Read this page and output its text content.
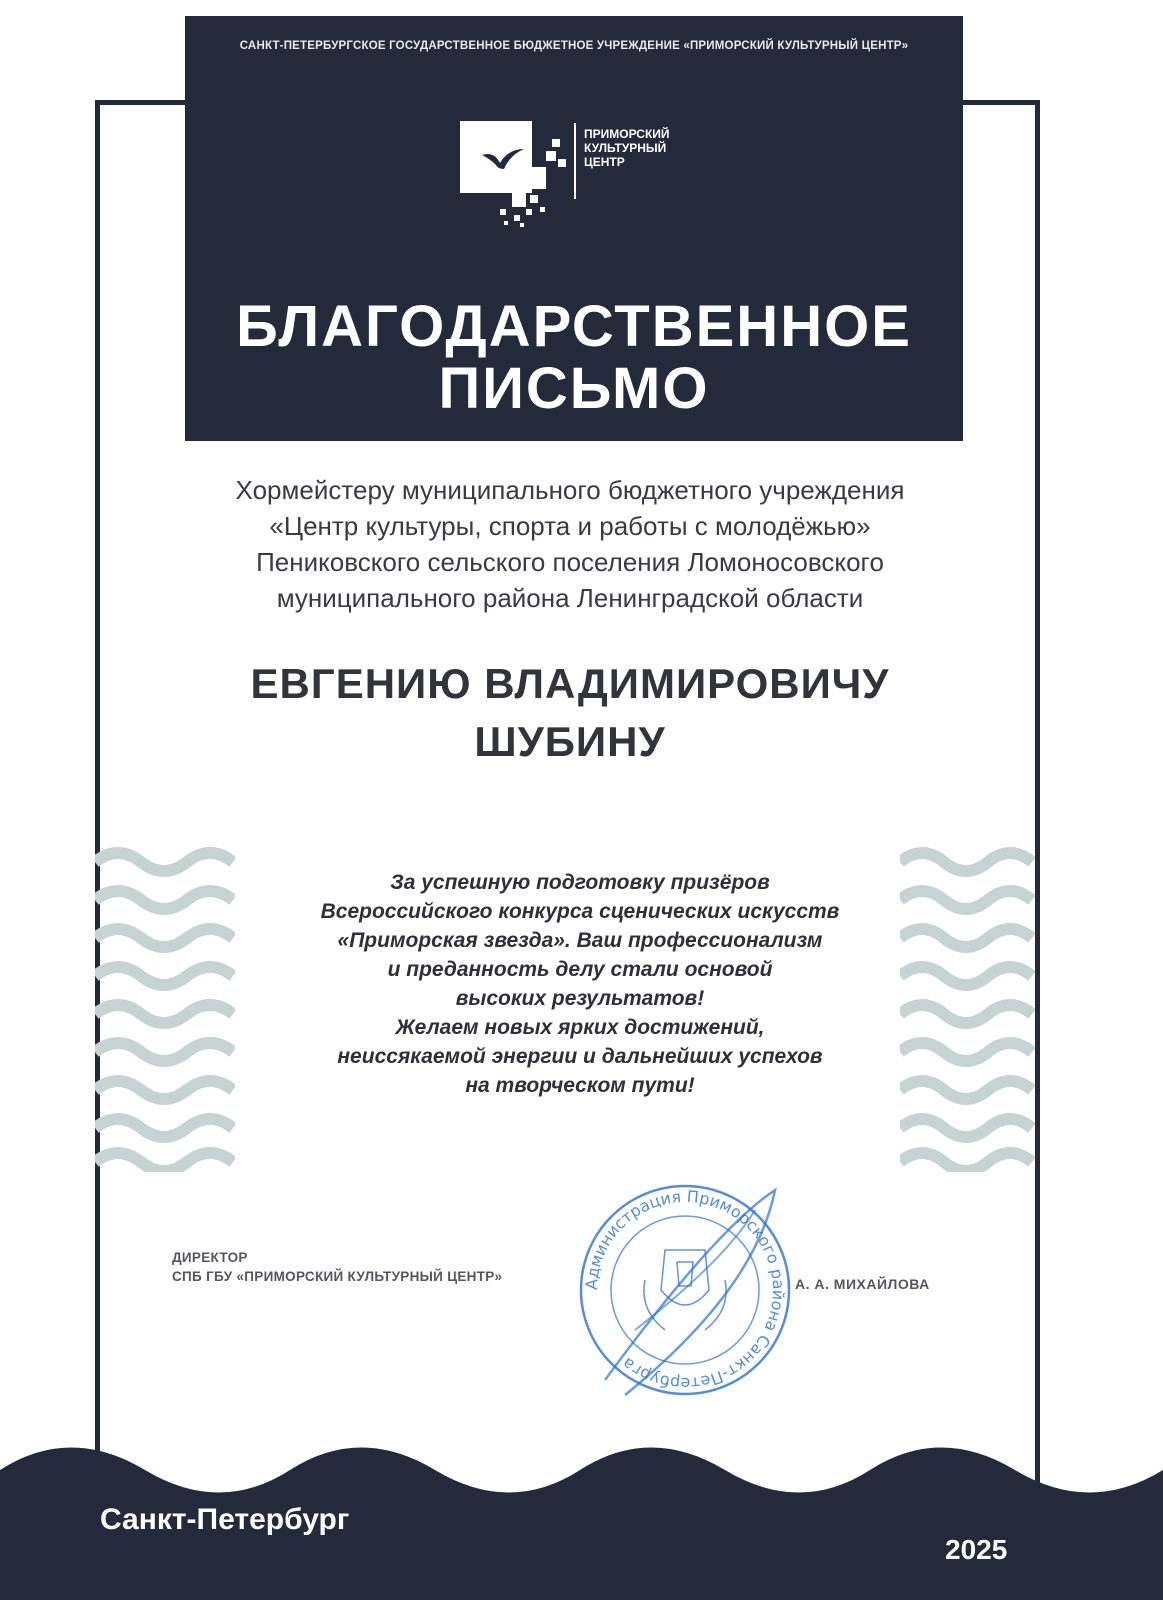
САНКТ-ПЕТЕРБУРГСКОЕ ГОСУДАРСТВЕННОЕ БЮДЖЕТНОЕ УЧРЕЖДЕНИЕ «ПРИМОРСКИЙ КУЛЬТУРНЫЙ ЦЕНТР»
ПРИМОРСКИЙ
КУЛЬТУРНЫЙ
ЦЕНТР
БЛАГОДАРСТВЕННОЕ
ПИСЬМО
Хормейстеру муниципального бюджетного учреждения
«Центр культуры, спорта и работы с молодёжью»
Пениковского сельского поселения Ломоносовского
муниципального района Ленинградской области
ЕВГЕНИЮ ВЛАДИМИРОВИЧУ
ШУБИНУ
За успешную подготовку призёров
Всероссийского конкурса сценических искусств
«Приморская звезда». Ваш профессионализм
и преданность делу стали основой
высоких результатов!
Желаем новых ярких достижений,
неиссякаемой энергии и дальнейших успехов
на творческом пути!
ДИРЕКТОР
СПБ ГБУ «ПРИМОРСКИЙ КУЛЬТУРНЫЙ ЦЕНТР»
Администрация Приморского района Санкт-Петербурга
А. А. МИХАЙЛОВА
Санкт-Петербург
2025
